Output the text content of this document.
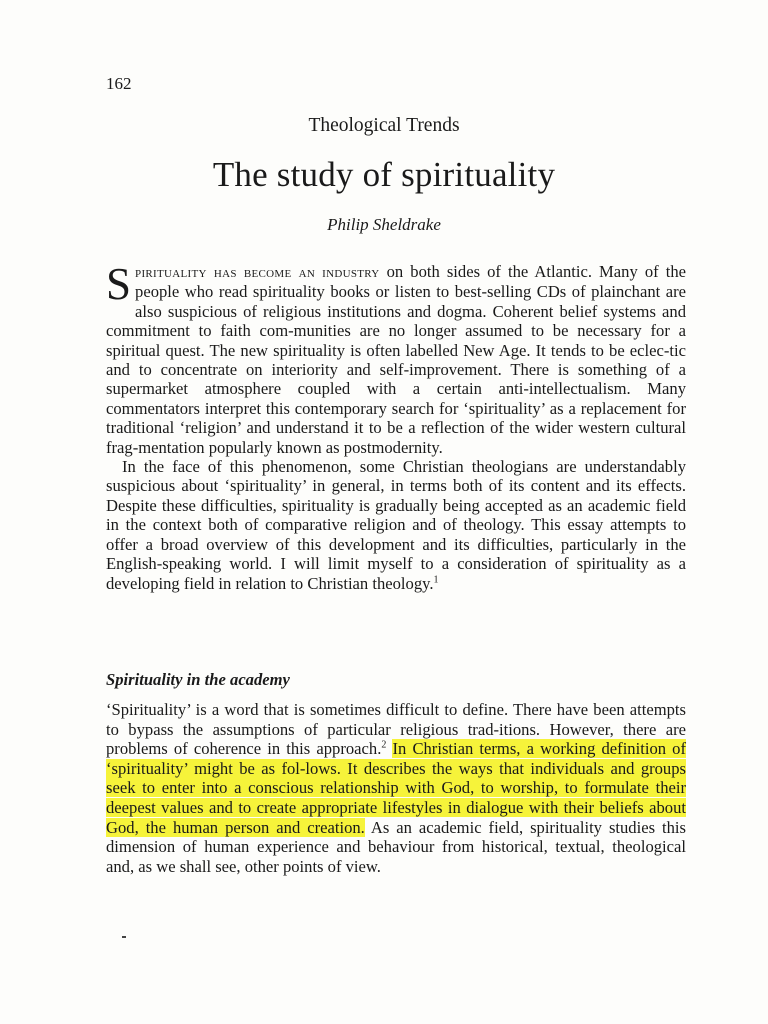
162
Theological Trends
The study of spirituality
Philip Sheldrake

Spirituality has become an industry on both sides of the Atlantic. Many of the people who read spirituality books or listen to best-selling CDs of plainchant are also suspicious of religious institutions and dogma. Coherent belief systems and commitment to faith com-munities are no longer assumed to be necessary for a spiritual quest. The new spirituality is often labelled New Age. It tends to be eclec-tic and to concentrate on interiority and self-improvement. There is something of a supermarket atmosphere coupled with a certain anti-intellectualism. Many commentators interpret this contemporary search for ‘spirituality’ as a replacement for traditional ‘religion’ and understand it to be a reflection of the wider western cultural frag-mentation popularly known as postmodernity.

In the face of this phenomenon, some Christian theologians are understandably suspicious about ‘spirituality’ in general, in terms both of its content and its effects. Despite these difficulties, spirituality is gradually being accepted as an academic field in the context both of comparative religion and of theology. This essay attempts to offer a broad overview of this development and its difficulties, particularly in the English-speaking world. I will limit myself to a consideration of spirituality as a developing field in relation to Christian theology.$^1$

Spirituality in the academy

‘Spirituality’ is a word that is sometimes difficult to define. There have been attempts to bypass the assumptions of particular religious trad-itions. However, there are problems of coherence in this approach.$^2$ In Christian terms, a working definition of ‘spirituality’ might be as fol-lows. It describes the ways that individuals and groups seek to enter into a conscious relationship with God, to worship, to formulate their deepest values and to create appropriate lifestyles in dialogue with their beliefs about God, the human person and creation. As an academic field, spirituality studies this dimension of human experience and behaviour from historical, textual, theological and, as we shall see, other points of view.
